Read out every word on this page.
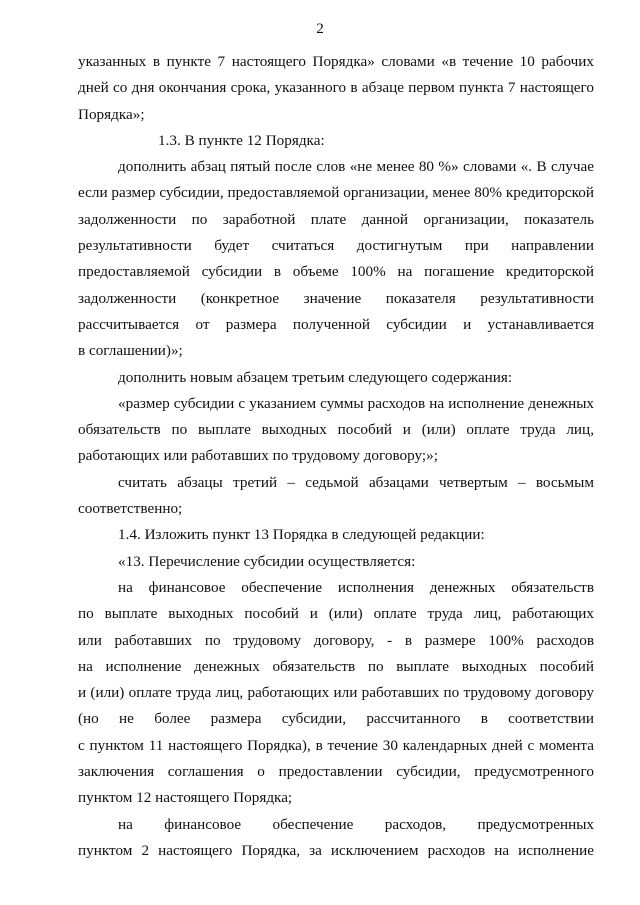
2

указанных в пункте 7 настоящего Порядка» словами «в течение 10 рабочих
дней со дня окончания срока, указанного в абзаце первом пункта 7 настоящего
Порядка»;

1.3. В пункте 12 Порядка:

дополнить абзац пятый после слов «не менее 80 %» словами «. В случае
если размер субсидии, предоставляемой организации, менее 80% кредиторской
задолженности по заработной плате данной организации, показатель
результативности будет считаться достигнутым при направлении
предоставляемой субсидии в объеме 100% на погашение кредиторской
задолженности (конкретное значение показателя результативности
рассчитывается от размера полученной субсидии и устанавливается
в соглашении)»;

дополнить новым абзацем третьим следующего содержания:

«размер субсидии с указанием суммы расходов на исполнение денежных
обязательств по выплате выходных пособий и (или) оплате труда лиц,
работающих или работавших по трудовому договору;»;

считать абзацы третий – седьмой абзацами четвертым – восьмым
соответственно;

1.4. Изложить пункт 13 Порядка в следующей редакции:

«13. Перечисление субсидии осуществляется:

на финансовое обеспечение исполнения денежных обязательств
по выплате выходных пособий и (или) оплате труда лиц, работающих
или работавших по трудовому договору, - в размере 100% расходов
на исполнение денежных обязательств по выплате выходных пособий
и (или) оплате труда лиц, работающих или работавших по трудовому договору
(но не более размера субсидии, рассчитанного в соответствии
с пунктом 11 настоящего Порядка), в течение 30 календарных дней с момента
заключения соглашения о предоставлении субсидии, предусмотренного
пунктом 12 настоящего Порядка;

на финансовое обеспечение расходов, предусмотренных
пунктом 2 настоящего Порядка, за исключением расходов на исполнение
